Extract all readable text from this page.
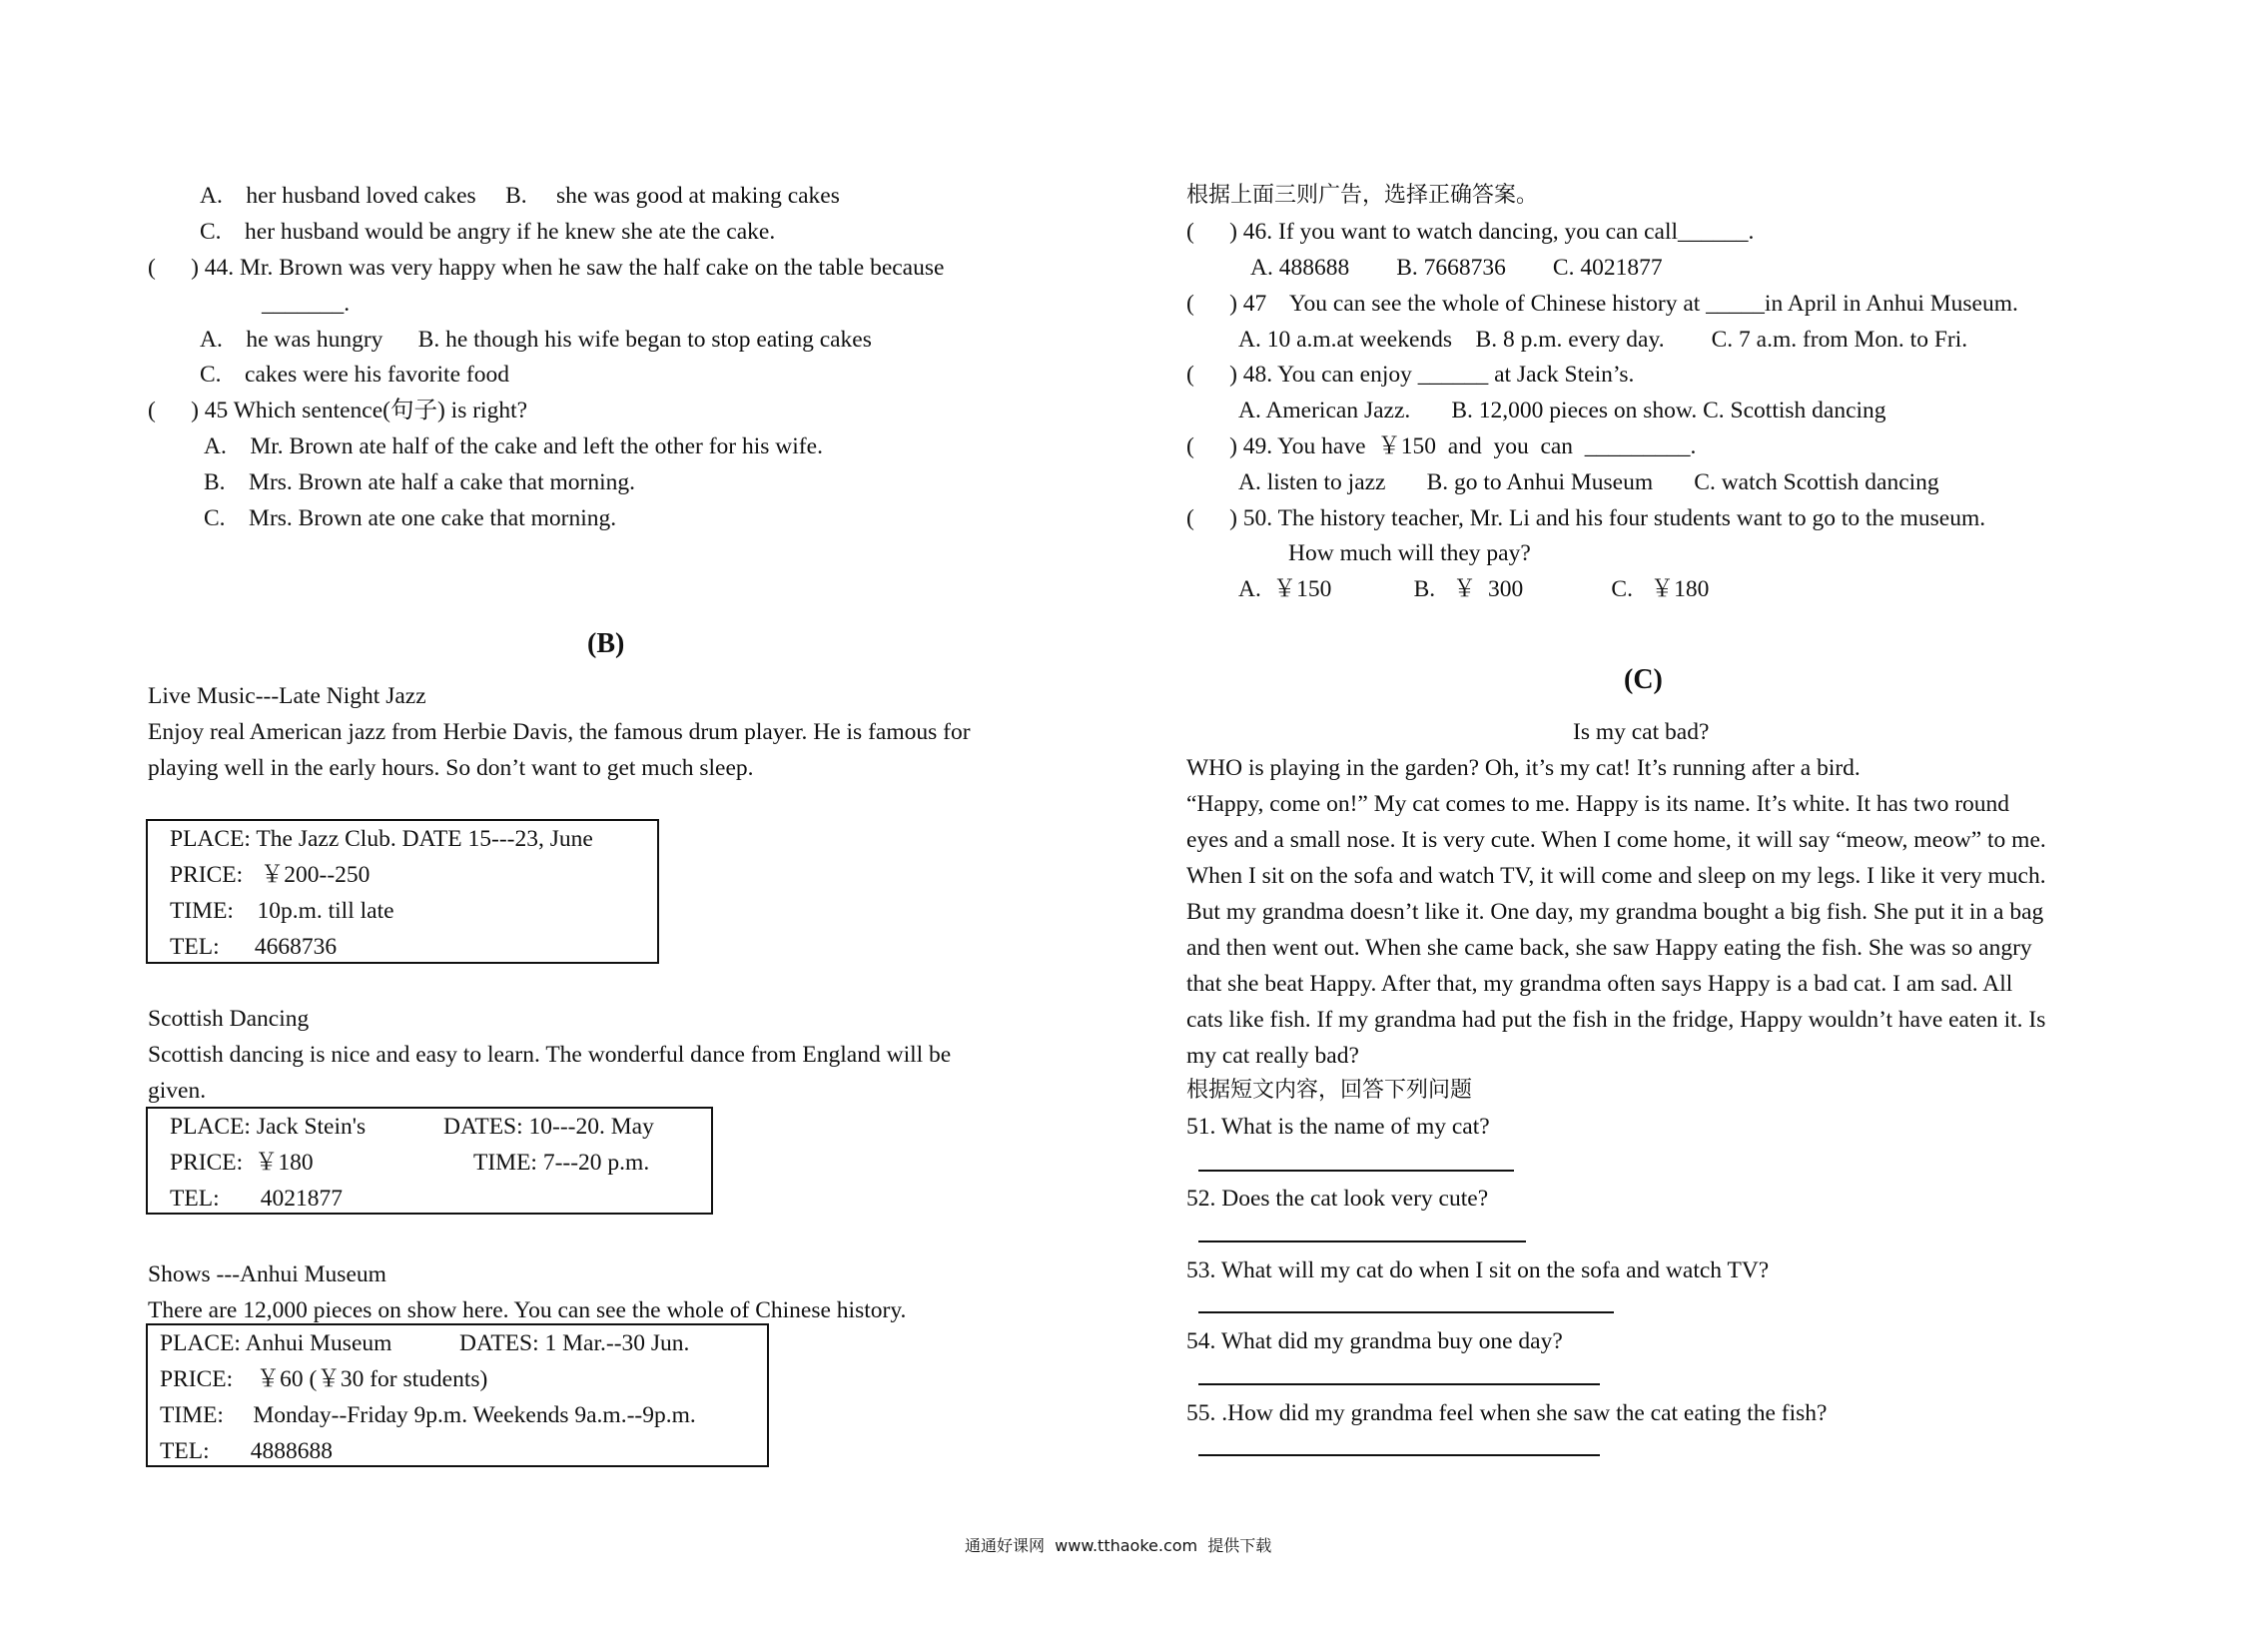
A.    her husband loved cakes     B.     she was good at making cakes
C.    her husband would be angry if he knew she ate the cake.
(      ) 44. Mr. Brown was very happy when he saw the half cake on the table because
_______.
A.    he was hungry      B. he though his wife began to stop eating cakes
C.    cakes were his favorite food
(      ) 45 Which sentence(句子) is right?
A.    Mr. Brown ate half of the cake and left the other for his wife.
B.    Mrs. Brown ate half a cake that morning.
C.    Mrs. Brown ate one cake that morning.
(B)
Live Music---Late Night Jazz
Enjoy real American jazz from Herbie Davis, the famous drum player. He is famous for
playing well in the early hours. So don’t want to get much sleep.
PLACE: The Jazz Club. DATE 15---23, June
PRICE:   ￥200--250
TIME:    10p.m. till late
TEL:      4668736
Scottish Dancing
Scottish dancing is nice and easy to learn. The wonderful dance from England will be
given.
PLACE: Jack Stein's	DATES: 10---20. May
PRICE:  ￥180	TIME: 7---20 p.m.
TEL:       4021877
Shows ---Anhui Museum
There are 12,000 pieces on show here. You can see the whole of Chinese history.
PLACE: Anhui Museum	DATES: 1 Mar.--30 Jun.
PRICE:    ￥60 (￥30 for students)
TIME:     Monday--Friday 9p.m. Weekends 9a.m.--9p.m.
TEL:       4888688
根据上面三则广告，选择正确答案。
(      ) 46. If you want to watch dancing, you can call______.
A. 488688        B. 7668736        C. 4021877
(      ) 47    You can see the whole of Chinese history at _____in April in Anhui Museum.
A. 10 a.m.at weekends    B. 8 p.m. every day.        C. 7 a.m. from Mon. to Fri.
(      ) 48. You can enjoy ______ at Jack Stein’s.
A. American Jazz.       B. 12,000 pieces on show. C. Scottish dancing
(      ) 49. You have  ￥150  and  you  can  _________.
A. listen to jazz       B. go to Anhui Museum       C. watch Scottish dancing
(      ) 50. The history teacher, Mr. Li and his four students want to go to the museum.
How much will they pay?
A.  ￥150              B.   ￥  300               C.   ￥180
(C)
Is my cat bad?
WHO is playing in the garden? Oh, it’s my cat! It’s running after a bird.
“Happy, come on!” My cat comes to me. Happy is its name. It’s white. It has two round
eyes and a small nose. It is very cute. When I come home, it will say “meow, meow” to me.
When I sit on the sofa and watch TV, it will come and sleep on my legs. I like it very much.
But my grandma doesn’t like it. One day, my grandma bought a big fish. She put it in a bag
and then went out. When she came back, she saw Happy eating the fish. She was so angry
that she beat Happy. After that, my grandma often says Happy is a bad cat. I am sad. All
cats like fish. If my grandma had put the fish in the fridge, Happy wouldn’t have eaten it. Is
my cat really bad?
根据短文内容，回答下列问题
51. What is the name of my cat?
52. Does the cat look very cute?
53. What will my cat do when I sit on the sofa and watch TV?
54. What did my grandma buy one day?
55. .How did my grandma feel when she saw the cat eating the fish?
通通好课网  www.tthaoke.com  提供下载
